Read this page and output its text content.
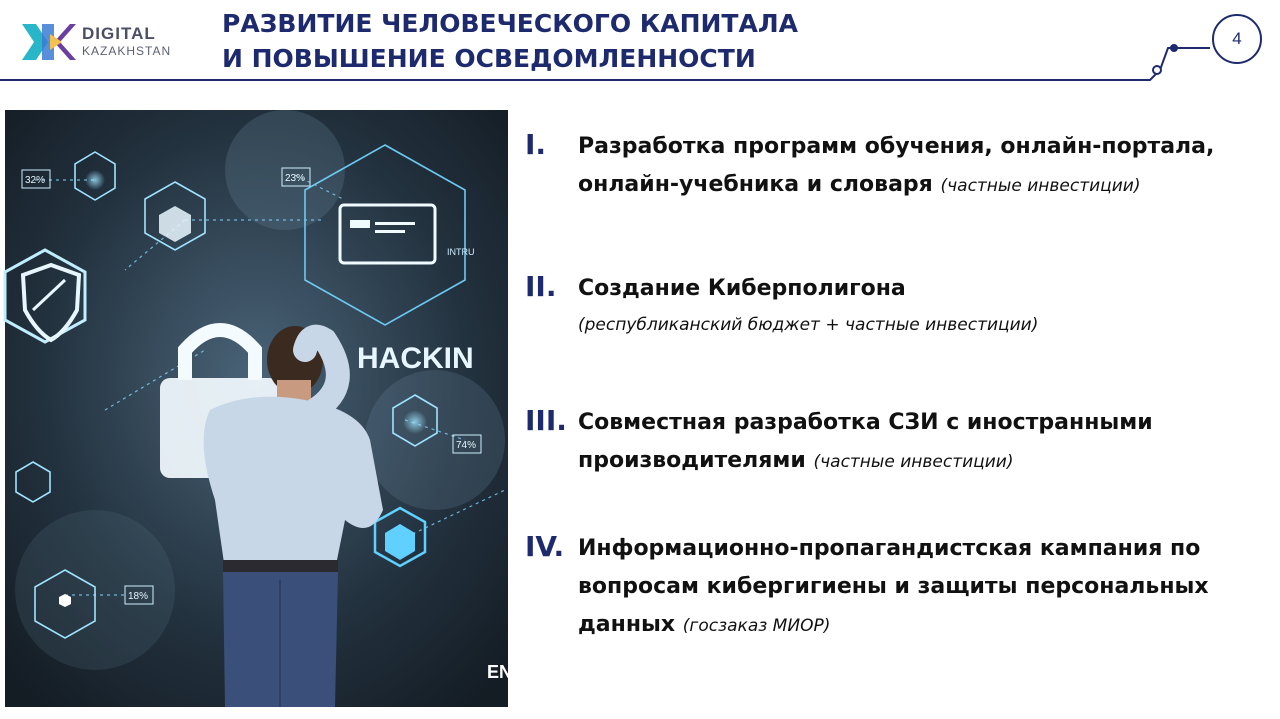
DIGITAL
KAZAKHSTAN
РАЗВИТИЕ ЧЕЛОВЕЧЕСКОГО КАПИТАЛА
И ПОВЫШЕНИЕ ОСВЕДОМЛЕННОСТИ
4
HACKIN
INTRU
EN
32%	23%
74%
18%
I. Разработка программ обучения, онлайн-портала,
онлайн-учебника и словаря (частные инвестиции)
II. Создание Киберполигона
(республиканский бюджет + частные инвестиции)
III. Совместная разработка СЗИ с иностранными
производителями (частные инвестиции)
IV. Информационно-пропагандистская кампания по
вопросам кибергигиены и защиты персональных
данных (госзаказ МИОР)
